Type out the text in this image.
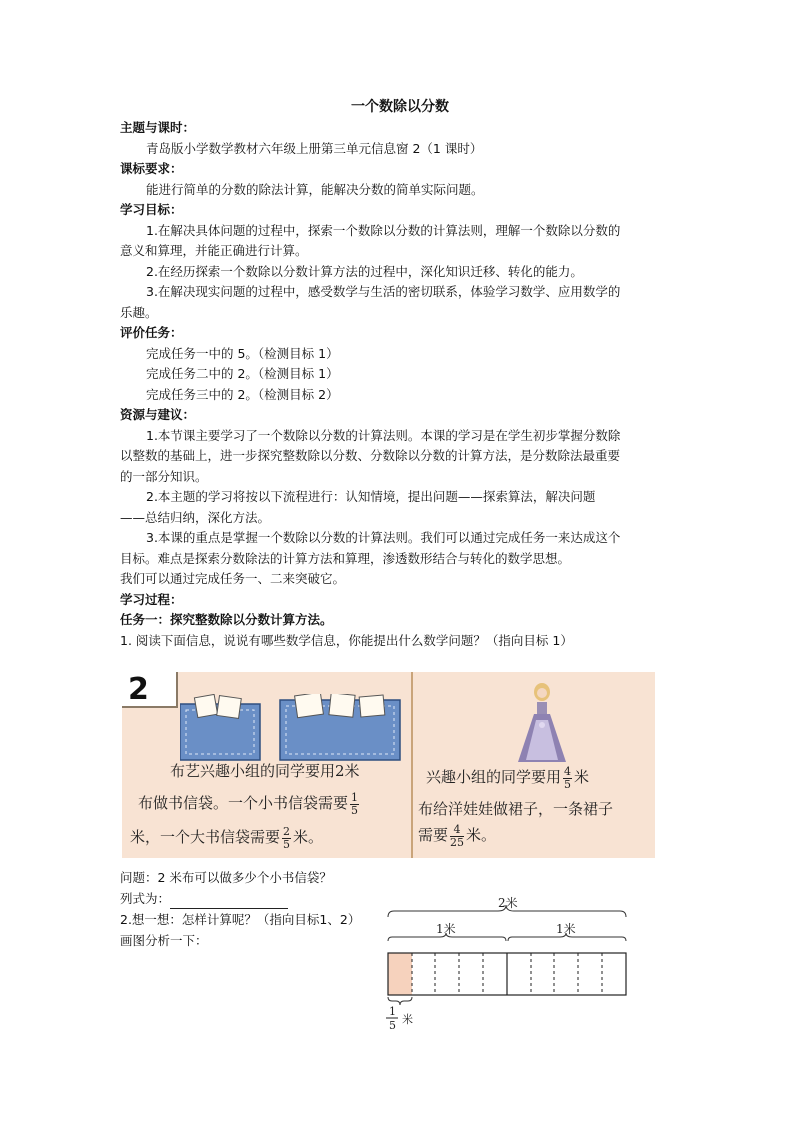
一个数除以分数
主题与课时：
青岛版小学数学教材六年级上册第三单元信息窗 2（1 课时）
课标要求：
能进行简单的分数的除法计算，能解决分数的简单实际问题。
学习目标：
1.在解决具体问题的过程中，探索一个数除以分数的计算法则，理解一个数除以分数的
意义和算理，并能正确进行计算。
2.在经历探索一个数除以分数计算方法的过程中，深化知识迁移、转化的能力。
3.在解决现实问题的过程中，感受数学与生活的密切联系，体验学习数学、应用数学的
乐趣。
评价任务：
完成任务一中的 5。（检测目标 1）
完成任务二中的 2。（检测目标 1）
完成任务三中的 2。（检测目标 2）
资源与建议：
1.本节课主要学习了一个数除以分数的计算法则。本课的学习是在学生初步掌握分数除
以整数的基础上，进一步探究整数除以分数、分数除以分数的计算方法，是分数除法最重要
的一部分知识。
2.本主题的学习将按以下流程进行：认知情境，提出问题——探索算法，解决问题
——总结归纳，深化方法。
3.本课的重点是掌握一个数除以分数的计算法则。我们可以通过完成任务一来达成这个
目标。难点是探索分数除法的计算方法和算理，渗透数形结合与转化的数学思想。
我们可以通过完成任务一、二来突破它。
学习过程：
任务一：探究整数除以分数计算方法。
1. 阅读下面信息，说说有哪些数学信息，你能提出什么数学问题？（指向目标 1）
2
布艺兴趣小组的同学要用2米
布做书信袋。一个小书信袋需要 $\frac{1}{5}$
米，一个大书信袋需要 $\frac{2}{5}$ 米。
兴趣小组的同学要用 $\frac{4}{5}$ 米
布给洋娃娃做裙子，一条裙子
需要 $\frac{4}{25}$ 米。
问题：2 米布可以做多少个小书信袋？
列式为：
2.想一想：怎样计算呢？（指向目标1、2）
画图分析一下：
2米
1米	1米
1
5 米
